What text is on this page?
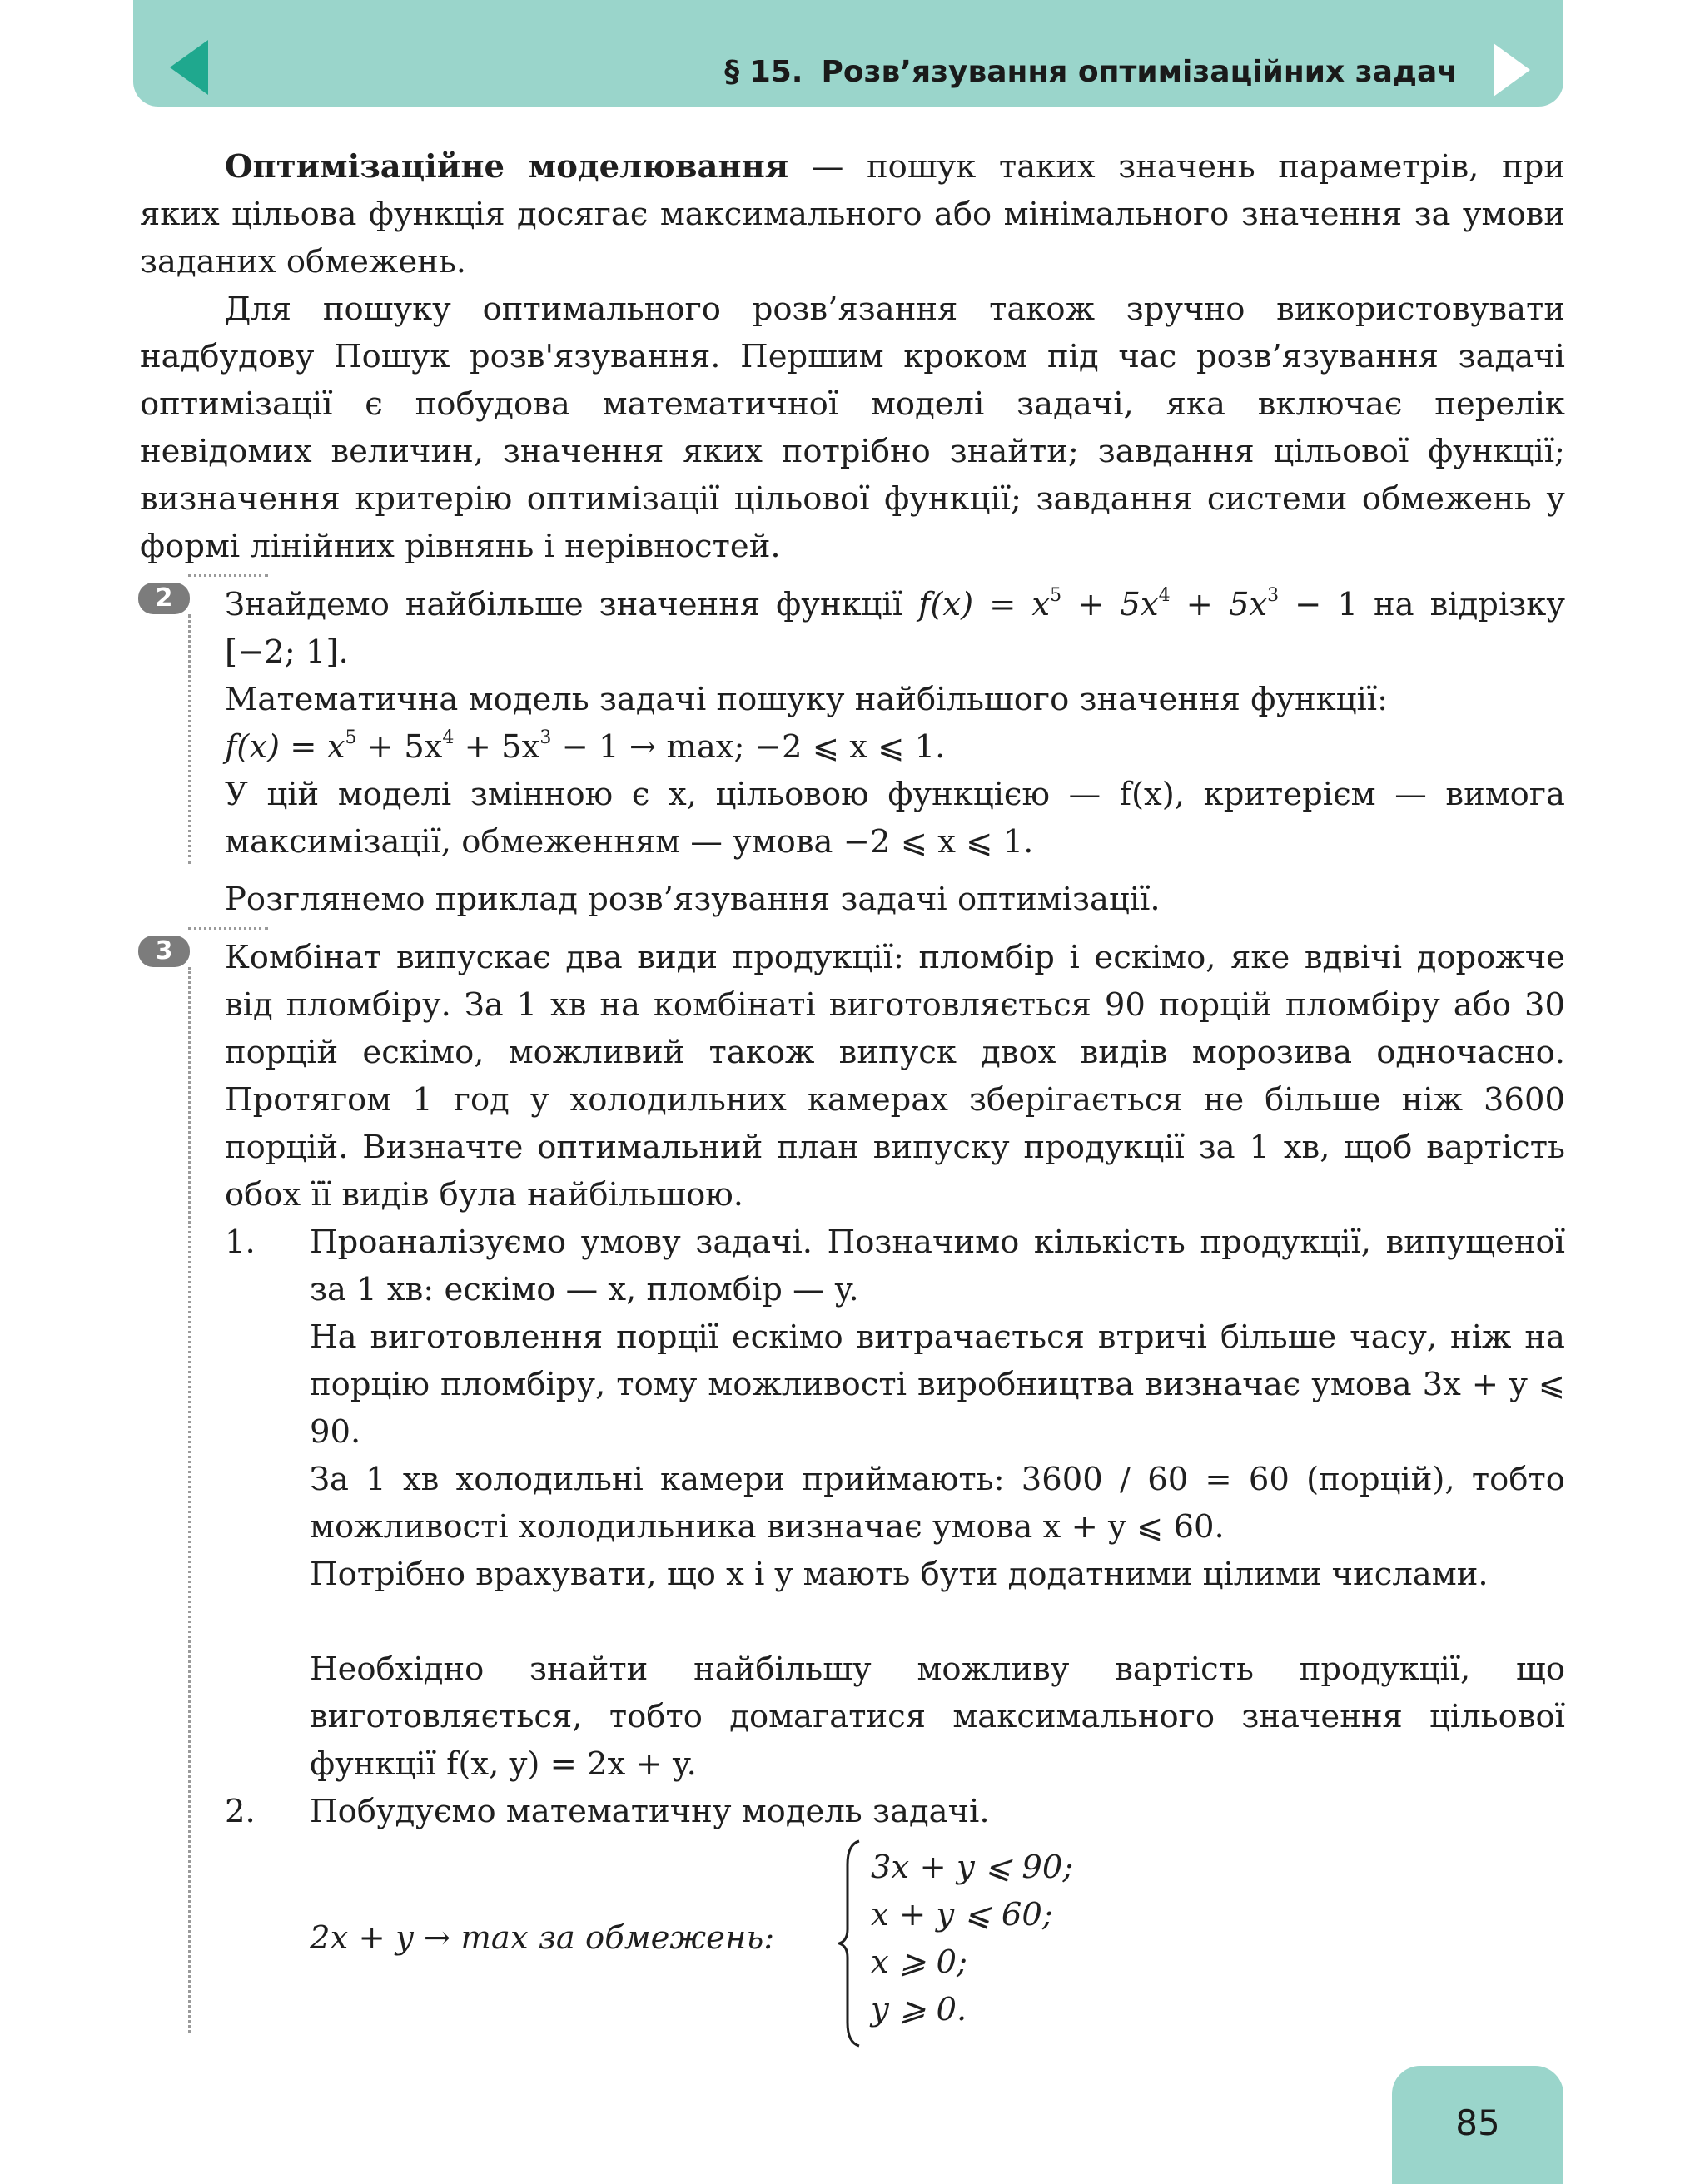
§ 15. Розв’язування оптимізаційних задач

Оптимізаційне моделювання — пошук таких значень параметрів, при яких цільова функція досягає максимального або мінімального значення за умови заданих обмежень.

Для пошуку оптимального розв’язання також зручно використовувати надбудову Пошук розв'язування. Першим кроком під час розв’язування задачі оптимізації є побудова математичної моделі задачі, яка включає перелік невідомих величин, значення яких потрібно знайти; завдання цільової функції; визначення критерію оптимізації цільової функції; завдання системи обмежень у формі лінійних рівнянь і нерівностей.

2	Знайдемо найбільше значення функції $f(x) = x^5 + 5x^4 + 5x^3 - 1$ на відрізку [−2; 1].

Математична модель задачі пошуку найбільшого значення функції:

$f(x) = x^5 + 5x^4 + 5x^3 - 1 \to \max$; −2 ⩽ x ⩽ 1.

У цій моделі змінною є x, цільовою функцією — f(x), критерієм — вимога максимізації, обмеженням — умова −2 ⩽ x ⩽ 1.

Розглянемо приклад розв’язування задачі оптимізації.

3	Комбінат випускає два види продукції: пломбір і ескімо, яке вдвічі дорожче від пломбіру. За 1 хв на комбінаті виготовляється 90 порцій пломбіру або 30 порцій ескімо, можливий також випуск двох видів морозива одночасно. Протягом 1 год у холодильних камерах зберігається не більше ніж 3600 порцій. Визначте оптимальний план випуску продукції за 1 хв, щоб вартість обох її видів була найбільшою.

1. Проаналізуємо умову задачі. Позначимо кількість продукції, випущеної за 1 хв: ескімо — x, пломбір — y.

На виготовлення порції ескімо витрачається втричі більше часу, ніж на порцію пломбіру, тому можливості виробництва визначає умова 3x + y ⩽ 90.

За 1 хв холодильні камери приймають: 3600 / 60 = 60 (порцій), тобто можливості холодильника визначає умова x + y ⩽ 60.

Потрібно врахувати, що x і y мають бути додатними цілими числами.

Необхідно знайти найбільшу можливу вартість продукції, що виготовляється, тобто домагатися максимального значення цільової функції f(x, y) = 2x + y.

2. Побудуємо математичну модель задачі.

2x + y → max за обмежень:
3x + y ⩽ 90;
x + y ⩽ 60;
x ⩾ 0;
y ⩾ 0.
85
